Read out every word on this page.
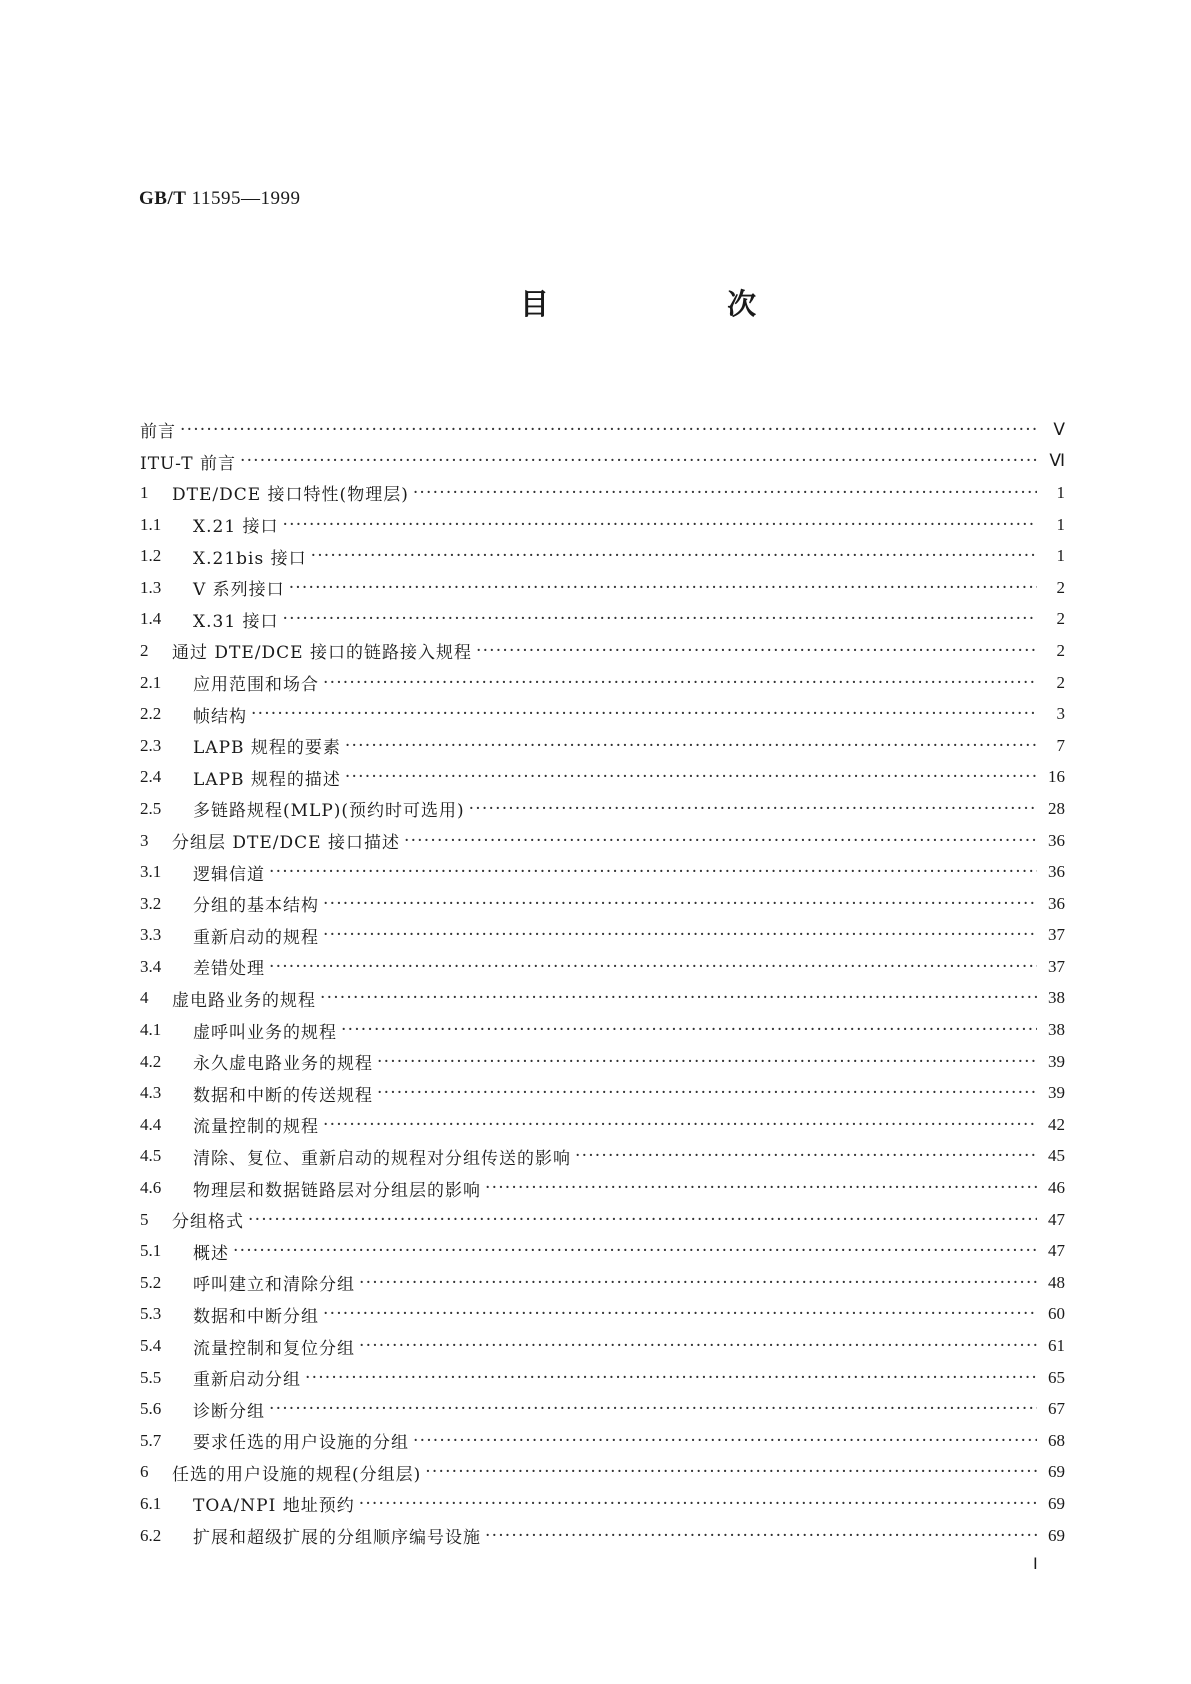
GB/T 11595—1999
目 次
前言 ·····	Ⅴ
ITU-T 前言 ·····	Ⅵ
1	DTE/DCE 接口特性(物理层) ·····	1
1.1	X.21 接口 ·····	1
1.2	X.21bis 接口 ·····	1
1.3	V 系列接口 ·····	2
1.4	X.31 接口 ·····	2
2	通过 DTE/DCE 接口的链路接入规程 ·····	2
2.1	应用范围和场合 ·····	2
2.2	帧结构 ·····	3
2.3	LAPB 规程的要素 ·····	7
2.4	LAPB 规程的描述 ·····	16
2.5	多链路规程(MLP)(预约时可选用) ·····	28
3	分组层 DTE/DCE 接口描述 ·····	36
3.1	逻辑信道 ·····	36
3.2	分组的基本结构 ·····	36
3.3	重新启动的规程 ·····	37
3.4	差错处理 ·····	37
4	虚电路业务的规程 ·····	38
4.1	虚呼叫业务的规程 ·····	38
4.2	永久虚电路业务的规程 ·····	39
4.3	数据和中断的传送规程 ·····	39
4.4	流量控制的规程 ·····	42
4.5	清除、复位、重新启动的规程对分组传送的影响 ·····	45
4.6	物理层和数据链路层对分组层的影响 ·····	46
5	分组格式 ·····	47
5.1	概述 ·····	47
5.2	呼叫建立和清除分组 ·····	48
5.3	数据和中断分组 ·····	60
5.4	流量控制和复位分组 ·····	61
5.5	重新启动分组 ·····	65
5.6	诊断分组 ·····	67
5.7	要求任选的用户设施的分组 ·····	68
6	任选的用户设施的规程(分组层) ·····	69
6.1	TOA/NPI 地址预约 ·····	69
6.2	扩展和超级扩展的分组顺序编号设施 ·····	69
Ⅰ
